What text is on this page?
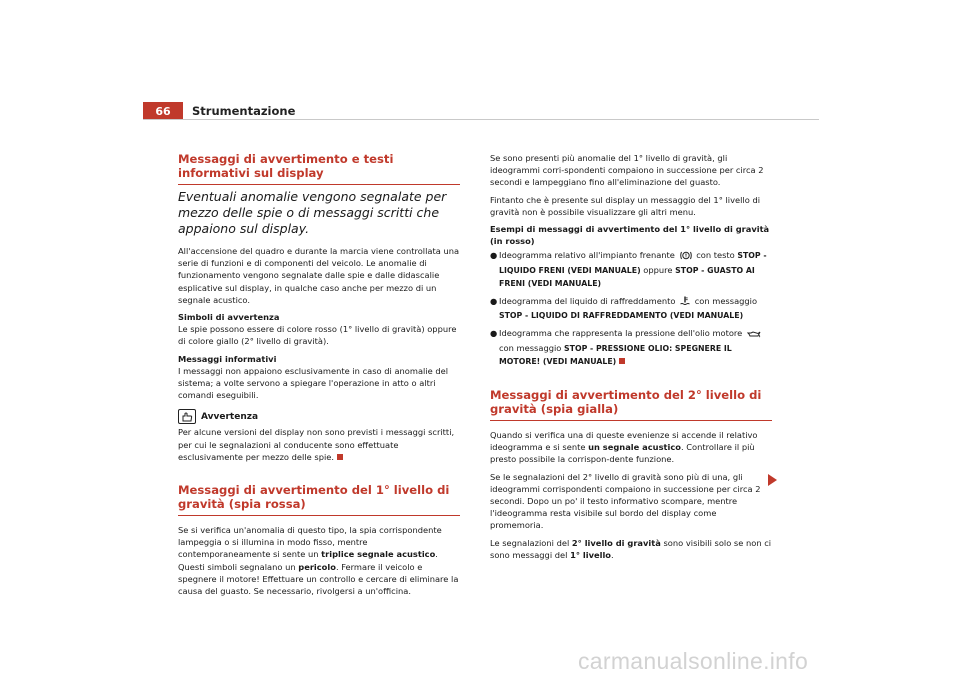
66	Strumentazione
Messaggi di avvertimento e testi informativi sul display
Eventuali anomalie vengono segnalate per mezzo delle spie o di messaggi scritti che appaiono sul display.

All'accensione del quadro e durante la marcia viene controllata una serie di funzioni e di componenti del veicolo. Le anomalie di funzionamento vengono segnalate dalle spie e dalle didascalie esplicative sul display, in qualche caso anche per mezzo di un segnale acustico.

Simboli di avvertenza

Le spie possono essere di colore rosso (1° livello di gravità) oppure di colore giallo (2° livello di gravità).

Messaggi informativi

I messaggi non appaiono esclusivamente in caso di anomalie del sistema; a volte servono a spiegare l'operazione in atto o altri comandi eseguibili.

Avvertenza

Per alcune versioni del display non sono previsti i messaggi scritti, per cui le segnalazioni al conducente sono effettuate esclusivamente per mezzo delle spie.

Messaggi di avvertimento del 1° livello di gravità (spia rossa)

Se si verifica un'anomalia di questo tipo, la spia corrispondente lampeggia o si illumina in modo fisso, mentre contemporaneamente si sente un triplice segnale acustico. Questi simboli segnalano un pericolo. Fermare il veicolo e spegnere il motore! Effettuare un controllo e cercare di eliminare la causa del guasto. Se necessario, rivolgersi a un'officina.

Se sono presenti più anomalie del 1° livello di gravità, gli ideogrammi corri-spondenti compaiono in successione per circa 2 secondi e lampeggiano fino all'eliminazione del guasto.

Fintanto che è presente sul display un messaggio del 1° livello di gravità non è possibile visualizzare gli altri menu.

Esempi di messaggi di avvertimento del 1° livello di gravità (in rosso)

● Ideogramma relativo all'impianto frenante  con testo STOP - LIQUIDO FRENI (VEDI MANUALE) oppure STOP - GUASTO AI FRENI (VEDI MANUALE)
● Ideogramma del liquido di raffreddamento  con messaggio STOP - LIQUIDO DI RAFFREDDAMENTO (VEDI MANUALE)
● Ideogramma che rappresenta la pressione dell'olio motore  con messaggio STOP - PRESSIONE OLIO: SPEGNERE IL MOTORE! (VEDI MANUALE)
Messaggi di avvertimento del 2° livello di gravità (spia gialla)

Quando si verifica una di queste evenienze si accende il relativo ideogramma e si sente un segnale acustico. Controllare il più presto possibile la corrispon-dente funzione.

Se le segnalazioni del 2° livello di gravità sono più di una, gli ideogrammi corrispondenti compaiono in successione per circa 2 secondi. Dopo un po' il testo informativo scompare, mentre l'ideogramma resta visibile sul bordo del display come promemoria.

Le segnalazioni del 2° livello di gravità sono visibili solo se non ci sono messaggi del 1° livello.

carmanualsonline.info
